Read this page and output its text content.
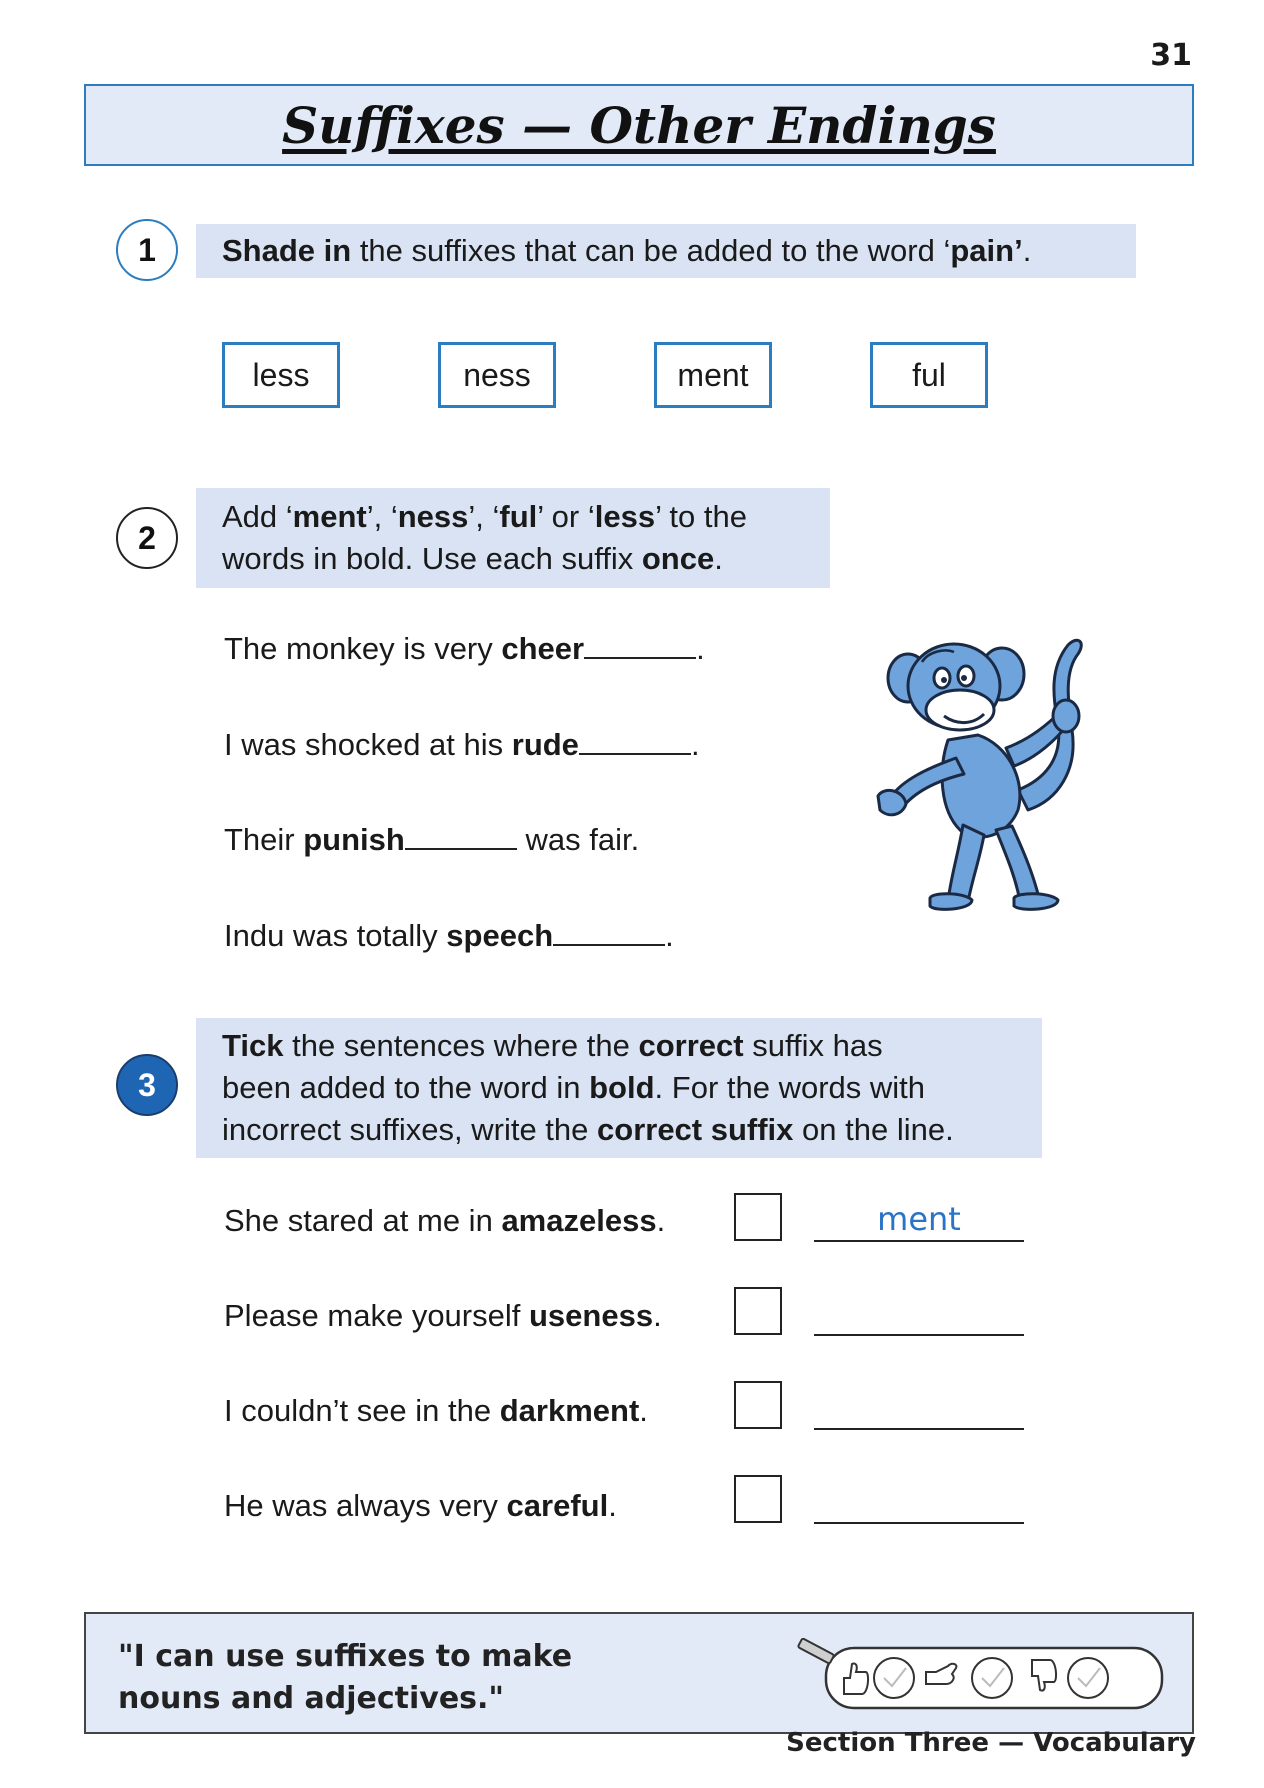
31
Suffixes — Other Endings
1	Shade in the suffixes that can be added to the word ‘pain’.
less	ness	ment	ful
2
Add ‘ment’, ‘ness’, ‘ful’ or ‘less’ to the
words in bold. Use each suffix once.
The monkey is very cheer	.
I was shocked at his rude	.
Their punish	was fair.
Indu was totally speech	.
3
Tick the sentences where the correct suffix has
been added to the word in bold. For the words with
incorrect suffixes, write the correct suffix on the line.
She stared at me in amazeless.	ment
Please make yourself useness.
I couldn’t see in the darkment.
He was always very careful.
"I can use suffixes to make
nouns and adjectives."
Section Three — Vocabulary
